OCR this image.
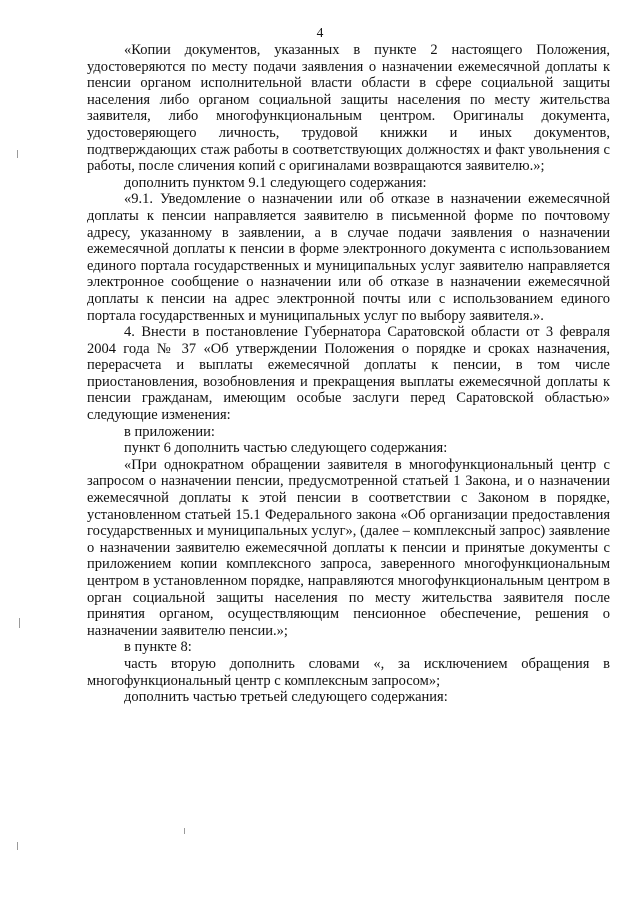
4

«Копии документов, указанных в пункте 2 настоящего Положения, удостоверяются по месту подачи заявления о назначении ежемесячной доплаты к пенсии органом исполнительной власти области в сфере социальной защиты населения либо органом социальной защиты населения по месту жительства заявителя, либо многофункциональным центром. Оригиналы документа, удостоверяющего личность, трудовой книжки и иных документов, подтверждающих стаж работы в соответствующих должностях и факт увольнения с работы, после сличения копий с оригиналами возвращаются заявителю.»;

дополнить пунктом 9.1 следующего содержания:

«9.1. Уведомление о назначении или об отказе в назначении ежемесячной доплаты к пенсии направляется заявителю в письменной форме по почтовому адресу, указанному в заявлении, а в случае подачи заявления о назначении ежемесячной доплаты к пенсии в форме электронного документа с использованием единого портала государственных и муниципальных услуг заявителю направляется электронное сообщение о назначении или об отказе в назначении ежемесячной доплаты к пенсии на адрес электронной почты или с использованием единого портала государственных и муниципальных услуг по выбору заявителя.».

4. Внести в постановление Губернатора Саратовской области от 3 февраля 2004 года № 37 «Об утверждении Положения о порядке и сроках назначения, перерасчета и выплаты ежемесячной доплаты к пенсии, в том числе приостановления, возобновления и прекращения выплаты ежемесячной доплаты к пенсии гражданам, имеющим особые заслуги перед Саратовской областью» следующие изменения:

в приложении:

пункт 6 дополнить частью следующего содержания:

«При однократном обращении заявителя в многофункциональный центр с запросом о назначении пенсии, предусмотренной статьей 1 Закона, и о назначении ежемесячной доплаты к этой пенсии в соответствии с Законом в порядке, установленном статьей 15.1 Федерального закона «Об организации предоставления государственных и муниципальных услуг», (далее – комплексный запрос) заявление о назначении заявителю ежемесячной доплаты к пенсии и принятые документы с приложением копии комплексного запроса, заверенного многофункциональным центром в установленном порядке, направляются многофункциональным центром в орган социальной защиты населения по месту жительства заявителя после принятия органом, осуществляющим пенсионное обеспечение, решения о назначении заявителю пенсии.»;

в пункте 8:

часть вторую дополнить словами «, за исключением обращения в многофункциональный центр с комплексным запросом»;

дополнить частью третьей следующего содержания:
